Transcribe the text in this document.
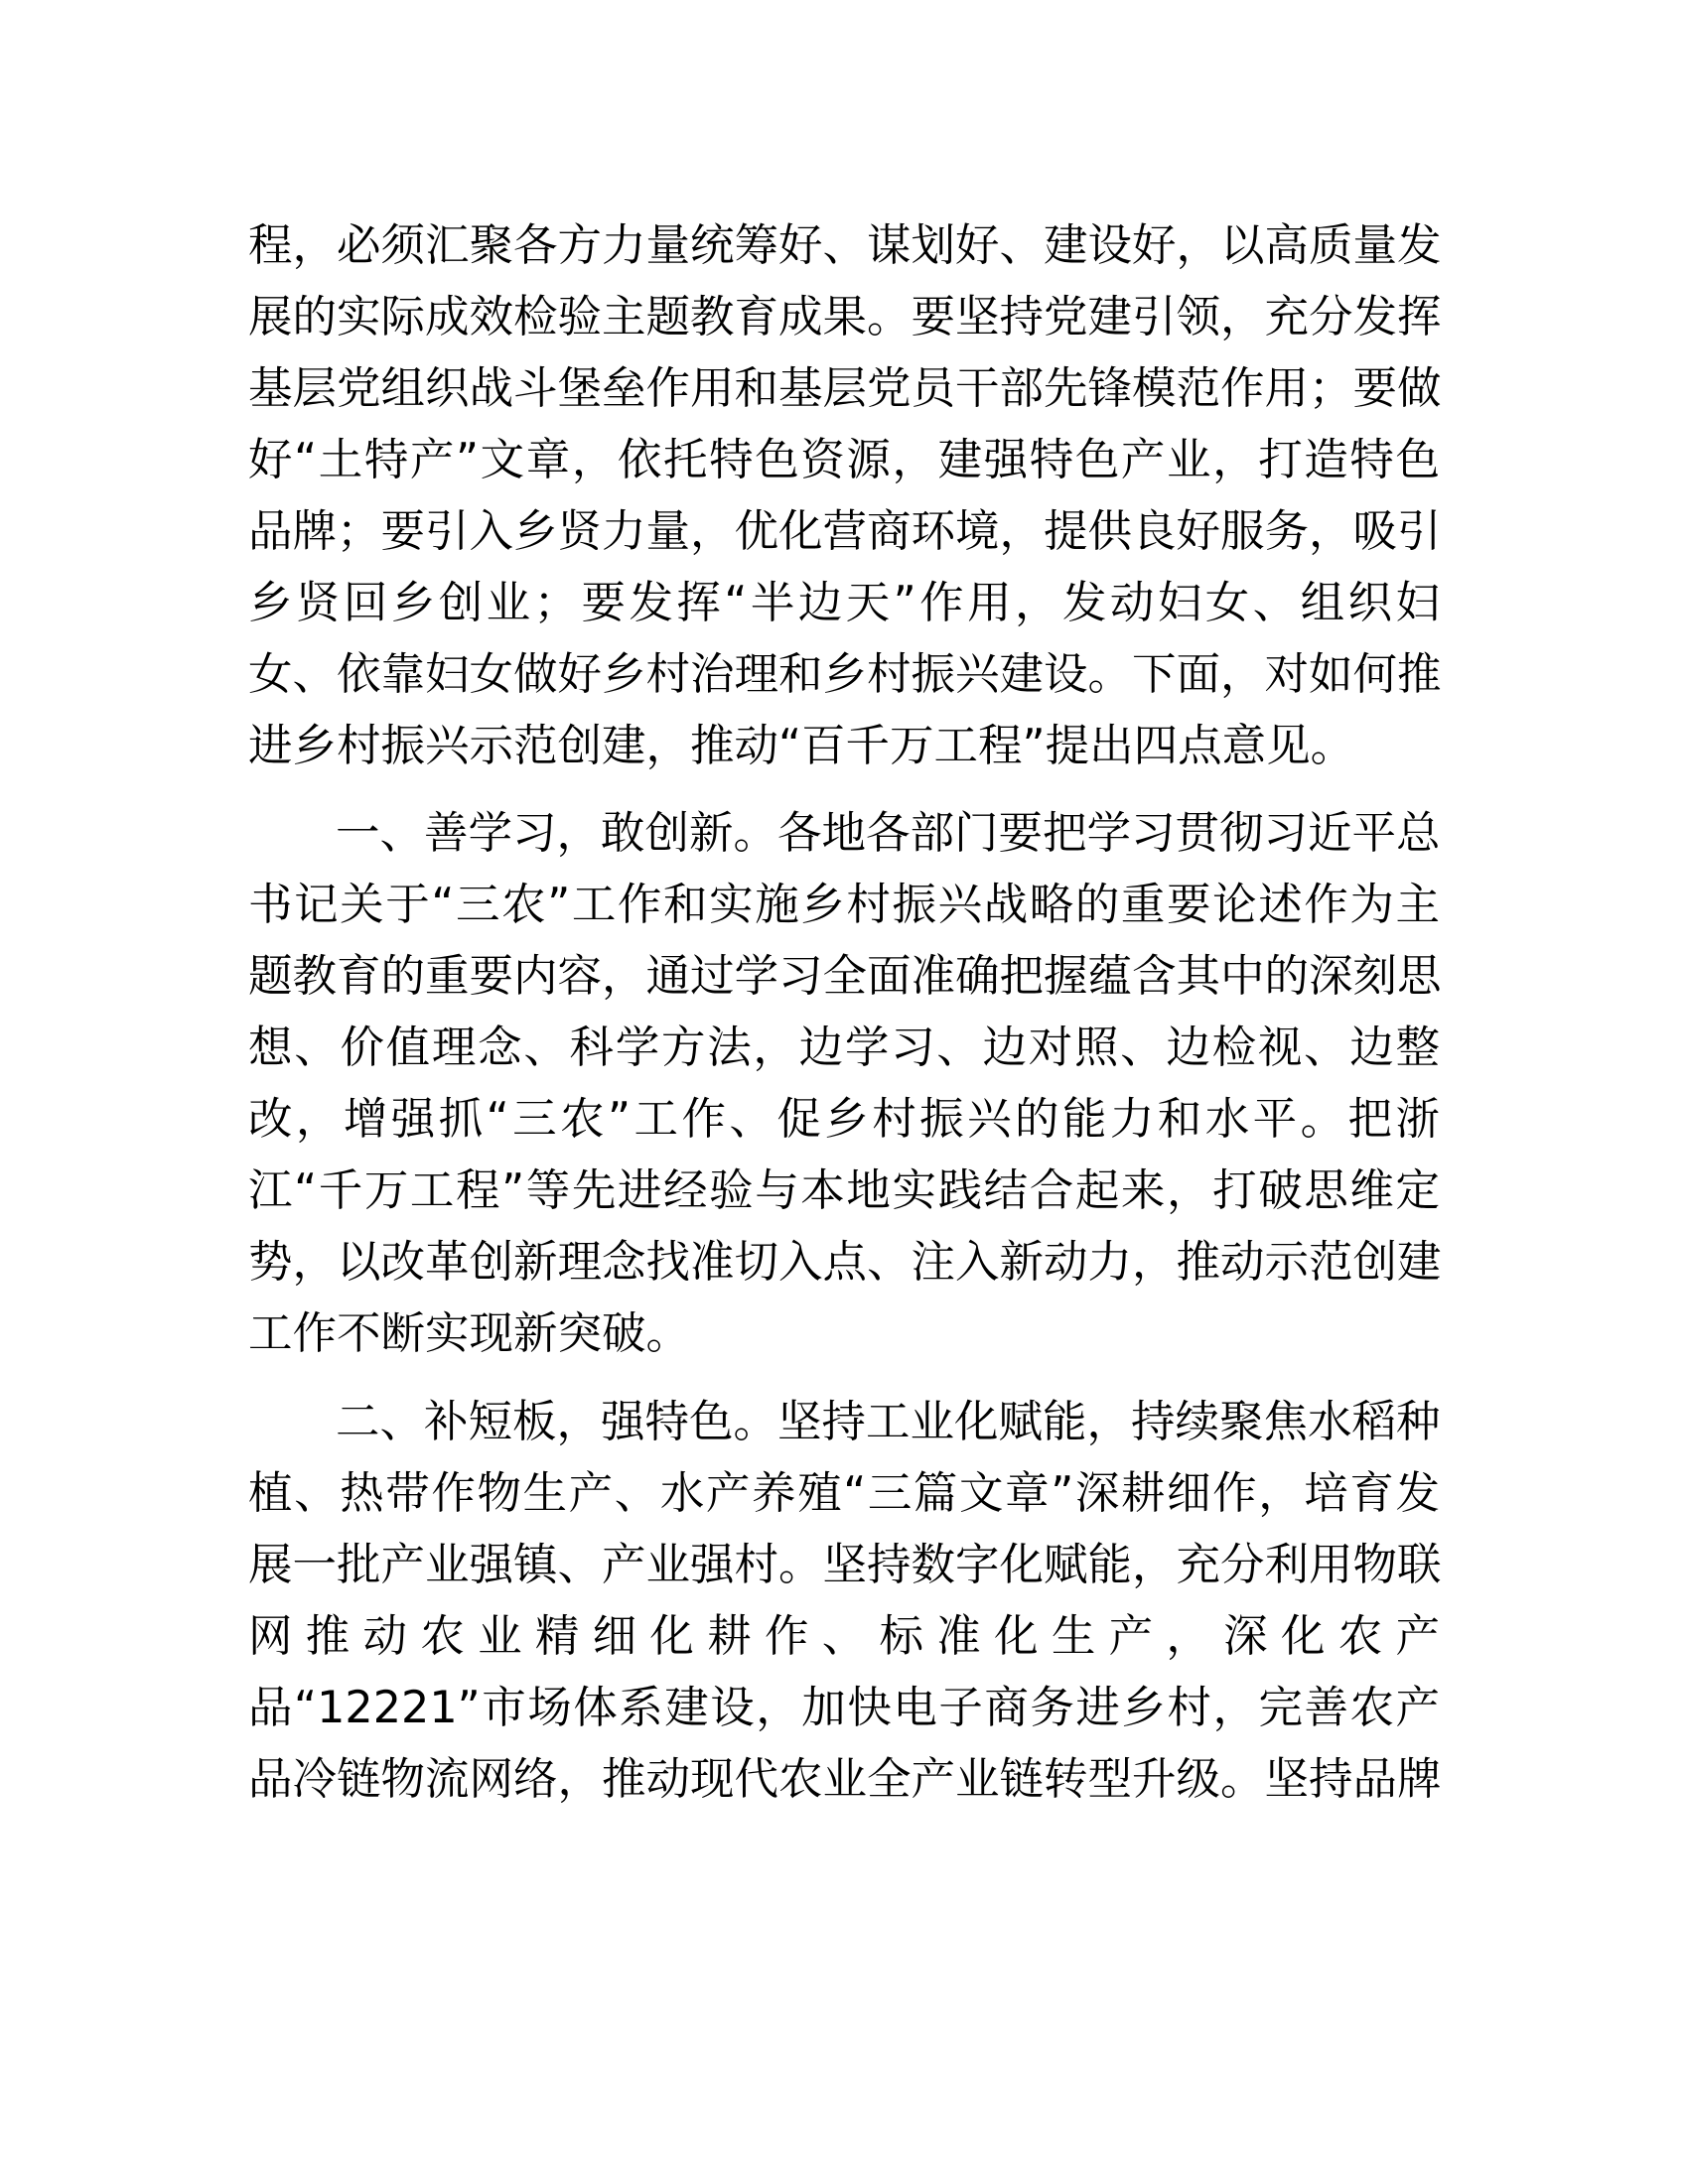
程，必须汇聚各方力量统筹好、谋划好、建设好，以高质量发
展的实际成效检验主题教育成果。要坚持党建引领，充分发挥
基层党组织战斗堡垒作用和基层党员干部先锋模范作用；要做
好“土特产”文章，依托特色资源，建强特色产业，打造特色
品牌；要引入乡贤力量，优化营商环境，提供良好服务，吸引
乡贤回乡创业；要发挥“半边天”作用，发动妇女、组织妇
女、依靠妇女做好乡村治理和乡村振兴建设。下面，对如何推
进乡村振兴示范创建，推动“百千万工程”提出四点意见。
一、善学习，敢创新。各地各部门要把学习贯彻习近平总
书记关于“三农”工作和实施乡村振兴战略的重要论述作为主
题教育的重要内容，通过学习全面准确把握蕴含其中的深刻思
想、价值理念、科学方法，边学习、边对照、边检视、边整
改，增强抓“三农”工作、促乡村振兴的能力和水平。把浙
江“千万工程”等先进经验与本地实践结合起来，打破思维定
势，以改革创新理念找准切入点、注入新动力，推动示范创建
工作不断实现新突破。
二、补短板，强特色。坚持工业化赋能，持续聚焦水稻种
植、热带作物生产、水产养殖“三篇文章”深耕细作，培育发
展一批产业强镇、产业强村。坚持数字化赋能，充分利用物联
网推动农业精细化耕作、标准化生产，深化农产
品“12221”市场体系建设，加快电子商务进乡村，完善农产
品冷链物流网络，推动现代农业全产业链转型升级。坚持品牌
